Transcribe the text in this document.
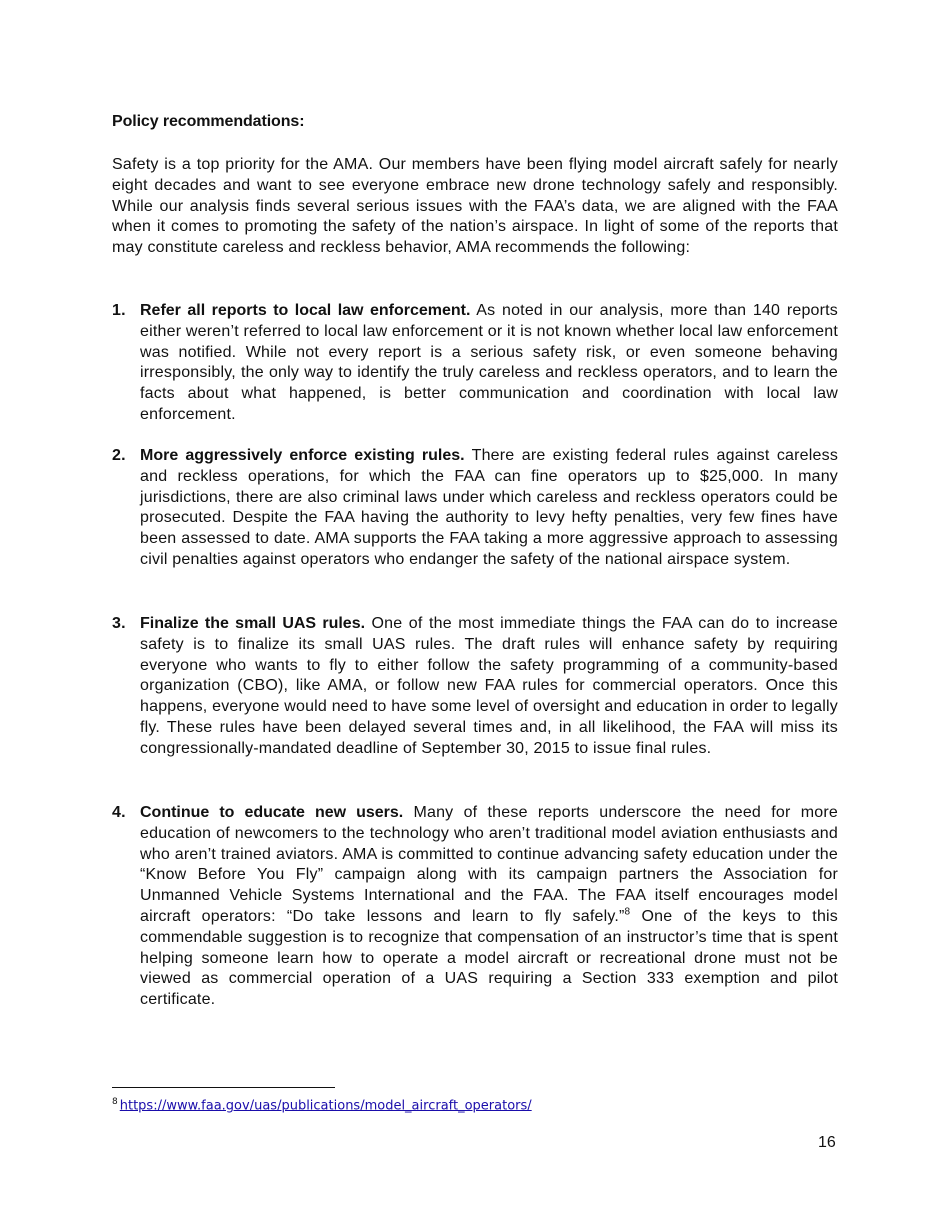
Policy recommendations:

Safety is a top priority for the AMA. Our members have been flying model aircraft safely for nearly eight decades and want to see everyone embrace new drone technology safely and responsibly. While our analysis finds several serious issues with the FAA’s data, we are aligned with the FAA when it comes to promoting the safety of the nation’s airspace. In light of some of the reports that may constitute careless and reckless behavior, AMA recommends the following:

1. Refer all reports to local law enforcement. As noted in our analysis, more than 140 reports either weren’t referred to local law enforcement or it is not known whether local law enforcement was notified. While not every report is a serious safety risk, or even someone behaving irresponsibly, the only way to identify the truly careless and reckless operators, and to learn the facts about what happened, is better communication and coordination with local law enforcement.
2. More aggressively enforce existing rules. There are existing federal rules against careless and reckless operations, for which the FAA can fine operators up to $25,000. In many jurisdictions, there are also criminal laws under which careless and reckless operators could be prosecuted. Despite the FAA having the authority to levy hefty penalties, very few fines have been assessed to date. AMA supports the FAA taking a more aggressive approach to assessing civil penalties against operators who endanger the safety of the national airspace system.
3. Finalize the small UAS rules. One of the most immediate things the FAA can do to increase safety is to finalize its small UAS rules. The draft rules will enhance safety by requiring everyone who wants to fly to either follow the safety programming of a community-based organization (CBO), like AMA, or follow new FAA rules for commercial operators. Once this happens, everyone would need to have some level of oversight and education in order to legally fly. These rules have been delayed several times and, in all likelihood, the FAA will miss its congressionally-mandated deadline of September 30, 2015 to issue final rules.
4. Continue to educate new users. Many of these reports underscore the need for more education of newcomers to the technology who aren’t traditional model aviation enthusiasts and who aren’t trained aviators. AMA is committed to continue advancing safety education under the “Know Before You Fly” campaign along with its campaign partners the Association for Unmanned Vehicle Systems International and the FAA. The FAA itself encourages model aircraft operators: “Do take lessons and learn to fly safely.”$^8$ One of the keys to this commendable suggestion is to recognize that compensation of an instructor’s time that is spent helping someone learn how to operate a model aircraft or recreational drone must not be viewed as commercial operation of a UAS requiring a Section 333 exemption and pilot certificate.
$^8$ https://www.faa.gov/uas/publications/model_aircraft_operators/
16
